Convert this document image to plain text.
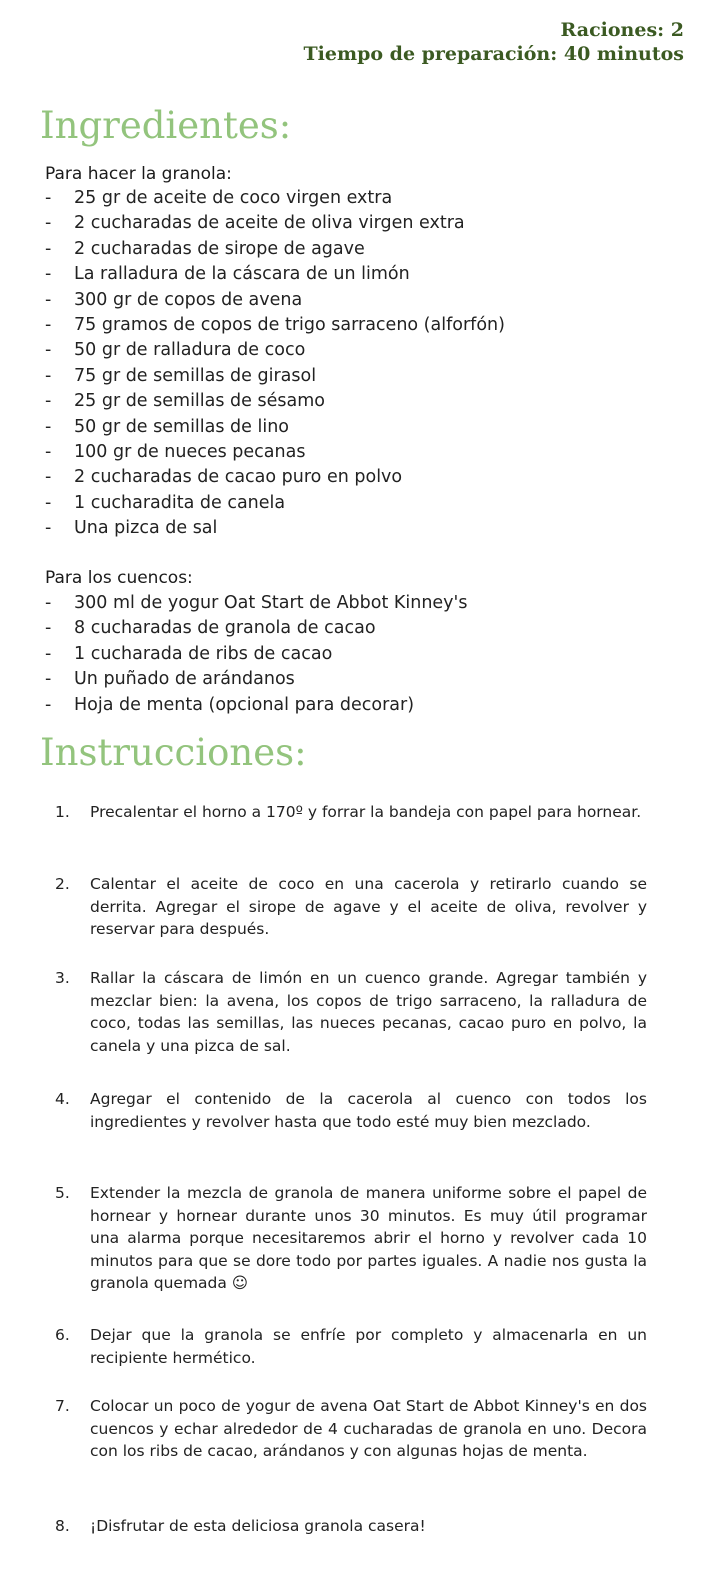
Raciones: 2
Tiempo de preparación: 40 minutos
Ingredientes:
Para hacer la granola:
- 25 gr de aceite de coco virgen extra
- 2 cucharadas de aceite de oliva virgen extra
- 2 cucharadas de sirope de agave
- La ralladura de la cáscara de un limón
- 300 gr de copos de avena
- 75 gramos de copos de trigo sarraceno (alforfón)
- 50 gr de ralladura de coco
- 75 gr de semillas de girasol
- 25 gr de semillas de sésamo
- 50 gr de semillas de lino
- 100 gr de nueces pecanas
- 2 cucharadas de cacao puro en polvo
- 1 cucharadita de canela
- Una pizca de sal
Para los cuencos:
- 300 ml de yogur Oat Start de Abbot Kinney's
- 8 cucharadas de granola de cacao
- 1 cucharada de ribs de cacao
- Un puñado de arándanos
- Hoja de menta (opcional para decorar)
Instrucciones:
1. Precalentar el horno a 170º y forrar la bandeja con papel para hornear.
2. Calentar el aceite de coco en una cacerola y retirarlo cuando se derrita. Agregar el sirope de agave y el aceite de oliva, revolver y reservar para después.
3. Rallar la cáscara de limón en un cuenco grande. Agregar también y mezclar bien: la avena, los copos de trigo sarraceno, la ralladura de coco, todas las semillas, las nueces pecanas, cacao puro en polvo, la canela y una pizca de sal.
4. Agregar el contenido de la cacerola al cuenco con todos los ingredientes y revolver hasta que todo esté muy bien mezclado.
5. Extender la mezcla de granola de manera uniforme sobre el papel de hornear y hornear durante unos 30 minutos. Es muy útil programar una alarma porque necesitaremos abrir el horno y revolver cada 10 minutos para que se dore todo por partes iguales. A nadie nos gusta la granola quemada ☺
6. Dejar que la granola se enfríe por completo y almacenarla en un recipiente hermético.
7. Colocar un poco de yogur de avena Oat Start de Abbot Kinney's en dos cuencos y echar alrededor de 4 cucharadas de granola en uno. Decora con los ribs de cacao, arándanos y con algunas hojas de menta.
8. ¡Disfrutar de esta deliciosa granola casera!
